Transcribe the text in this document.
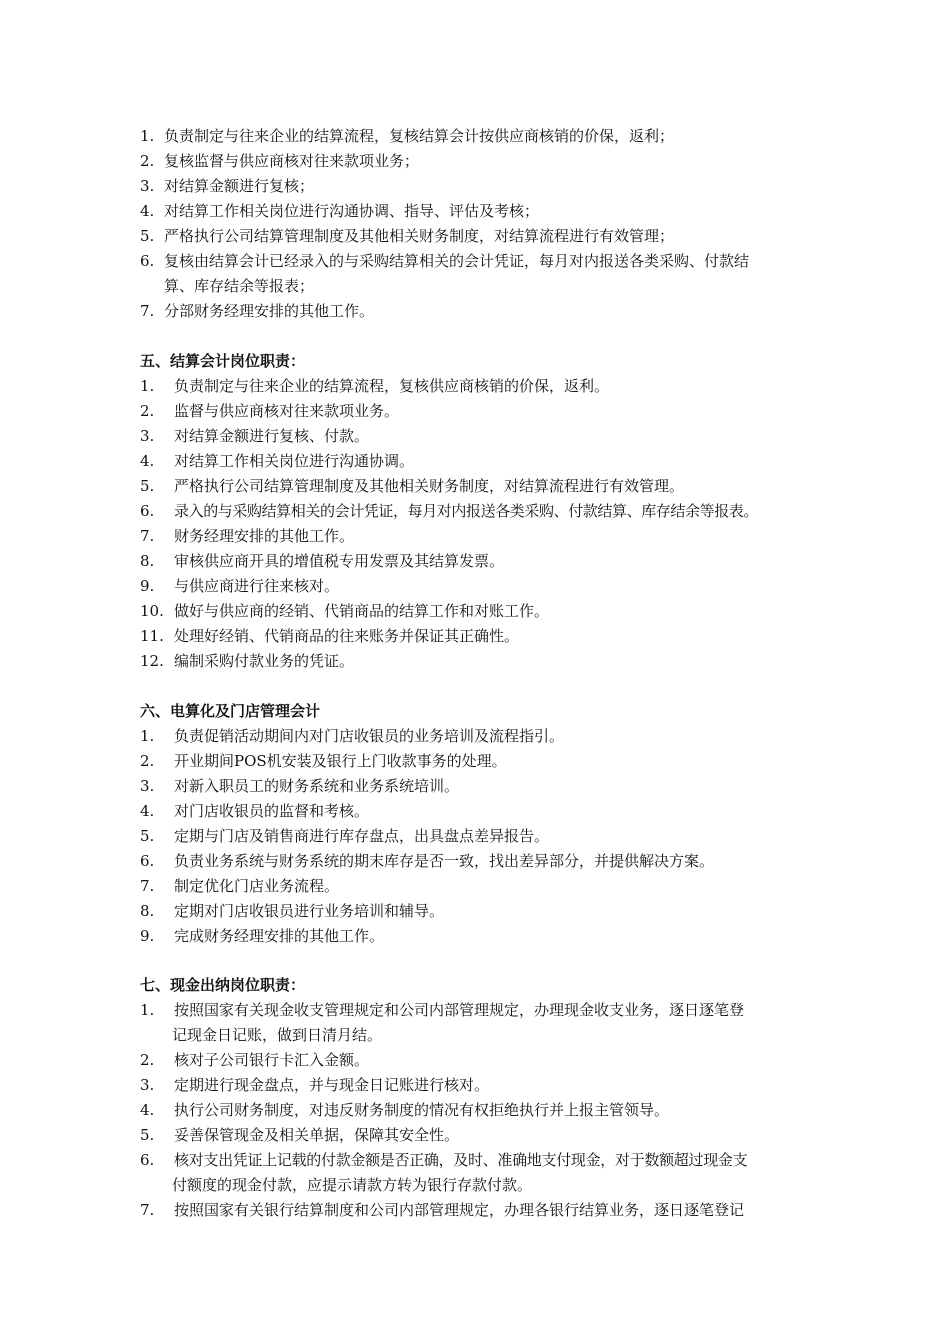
1. 负责制定与往来企业的结算流程，复核结算会计按供应商核销的价保，返利；
2. 复核监督与供应商核对往来款项业务；
3. 对结算金额进行复核；
4. 对结算工作相关岗位进行沟通协调、指导、评估及考核；
5. 严格执行公司结算管理制度及其他相关财务制度，对结算流程进行有效管理；
6. 复核由结算会计已经录入的与采购结算相关的会计凭证，每月对内报送各类采购、付款结
算、库存结余等报表；
7. 分部财务经理安排的其他工作。
五、结算会计岗位职责：
1. 负责制定与往来企业的结算流程，复核供应商核销的价保，返利。
2. 监督与供应商核对往来款项业务。
3. 对结算金额进行复核、付款。
4. 对结算工作相关岗位进行沟通协调。
5. 严格执行公司结算管理制度及其他相关财务制度，对结算流程进行有效管理。
6. 录入的与采购结算相关的会计凭证，每月对内报送各类采购、付款结算、库存结余等报表。
7. 财务经理安排的其他工作。
8. 审核供应商开具的增值税专用发票及其结算发票。
9. 与供应商进行往来核对。
10. 做好与供应商的经销、代销商品的结算工作和对账工作。
11. 处理好经销、代销商品的往来账务并保证其正确性。
12. 编制采购付款业务的凭证。
六、电算化及门店管理会计
1. 负责促销活动期间内对门店收银员的业务培训及流程指引。
2. 开业期间POS机安装及银行上门收款事务的处理。
3. 对新入职员工的财务系统和业务系统培训。
4. 对门店收银员的监督和考核。
5. 定期与门店及销售商进行库存盘点，出具盘点差异报告。
6. 负责业务系统与财务系统的期末库存是否一致，找出差异部分，并提供解决方案。
7. 制定优化门店业务流程。
8. 定期对门店收银员进行业务培训和辅导。
9. 完成财务经理安排的其他工作。
七、现金出纳岗位职责：
1. 按照国家有关现金收支管理规定和公司内部管理规定，办理现金收支业务，逐日逐笔登
记现金日记账，做到日清月结。
2. 核对子公司银行卡汇入金额。
3. 定期进行现金盘点，并与现金日记账进行核对。
4. 执行公司财务制度，对违反财务制度的情况有权拒绝执行并上报主管领导。
5. 妥善保管现金及相关单据，保障其安全性。
6. 核对支出凭证上记载的付款金额是否正确，及时、准确地支付现金，对于数额超过现金支
付额度的现金付款，应提示请款方转为银行存款付款。
7. 按照国家有关银行结算制度和公司内部管理规定，办理各银行结算业务，逐日逐笔登记
